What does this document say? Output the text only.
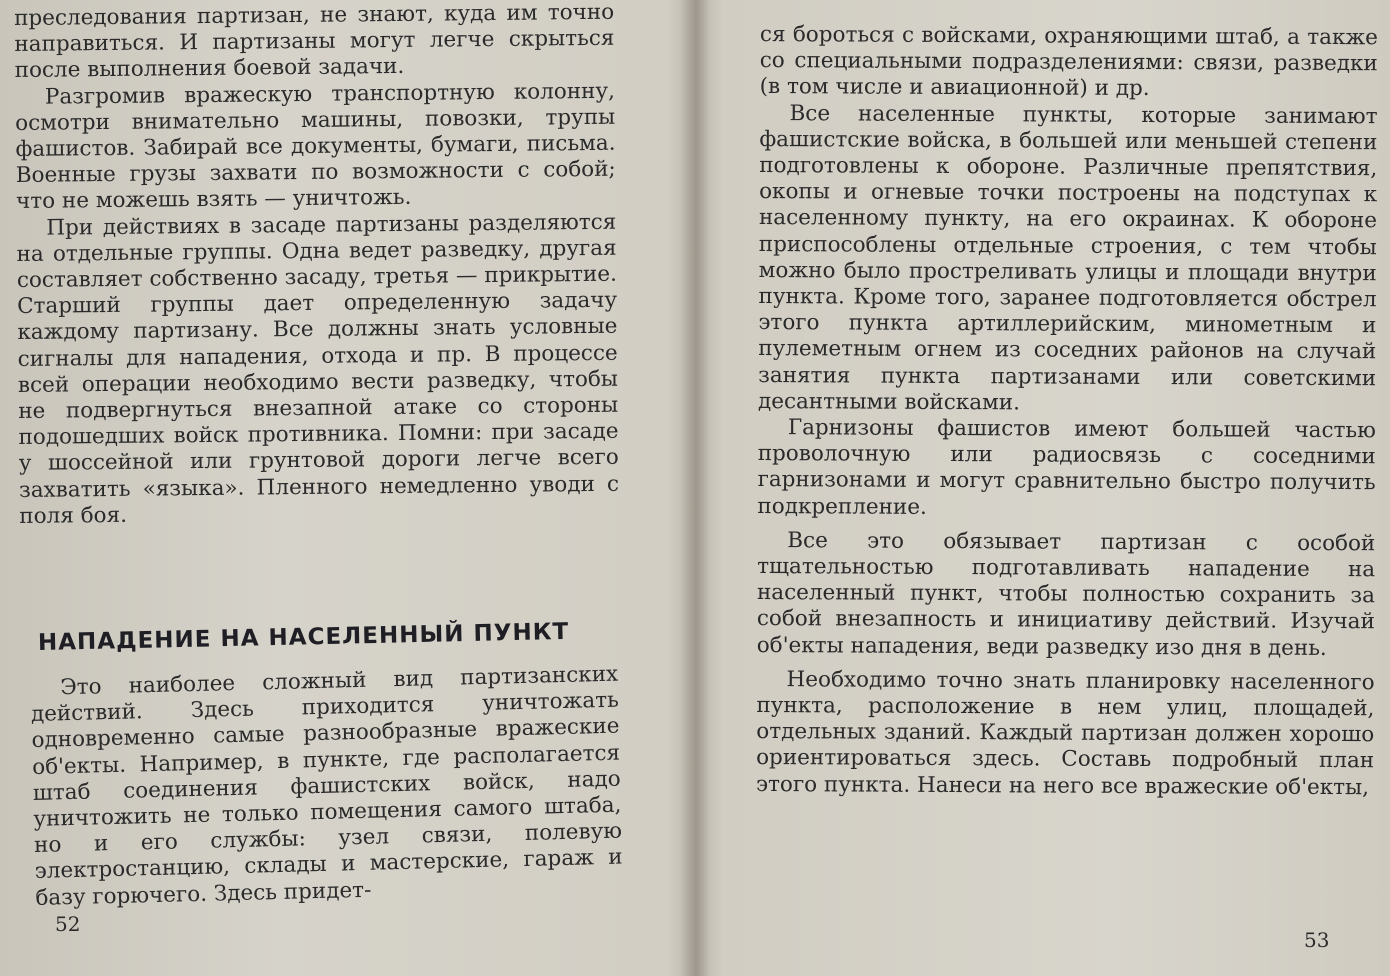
преследования партизан, не знают, куда им точно направиться. И партизаны могут легче скрыться после выполнения боевой задачи.

Разгромив вражескую транспортную колонну, осмотри внимательно машины, повозки, трупы фашистов. Забирай все документы, бумаги, письма. Военные грузы захвати по возможности с собой; что не можешь взять — уничтожь.

При действиях в засаде партизаны разделяются на отдельные группы. Одна ведет разведку, другая составляет собственно засаду, третья — прикрытие. Старший группы дает определенную задачу каждому партизану. Все должны знать условные сигналы для нападения, отхода и пр. В процессе всей операции необходимо вести разведку, чтобы не подвергнуться внезапной атаке со стороны подошедших войск противника. Помни: при засаде у шоссейной или грунтовой дороги легче всего захватить «языка». Пленного немедленно уводи с поля боя.

НАПАДЕНИЕ НА НАСЕЛЕННЫЙ ПУНКТ

Это наиболее сложный вид партизанских действий. Здесь приходится уничтожать одновременно самые разнообразные вражеские об'екты. Например, в пункте, где располагается штаб соединения фашистских войск, надо уничтожить не только помещения самого штаба, но и его службы: узел связи, полевую электростанцию, склады и мастерские, гараж и базу горючего. Здесь придет-

52

ся бороться с войсками, охраняющими штаб, а также со специальными подразделениями: связи, разведки (в том числе и авиационной) и др.

Все населенные пункты, которые занимают фашистские войска, в большей или меньшей степени подготовлены к обороне. Различные препятствия, окопы и огневые точки построены на подступах к населенному пункту, на его окраинах. К обороне приспособлены отдельные строения, с тем чтобы можно было простреливать улицы и площади внутри пункта. Кроме того, заранее подготовляется обстрел этого пункта артиллерийским, минометным и пулеметным огнем из соседних районов на случай занятия пункта партизанами или советскими десантными войсками.

Гарнизоны фашистов имеют большей частью проволочную или радиосвязь с соседними гарнизонами и могут сравнительно быстро получить подкрепление.

Все это обязывает партизан с особой тщательностью подготавливать нападение на населенный пункт, чтобы полностью сохранить за собой внезапность и инициативу действий. Изучай об'екты нападения, веди разведку изо дня в день.

Необходимо точно знать планировку населенного пункта, расположение в нем улиц, площадей, отдельных зданий. Каждый партизан должен хорошо ориентироваться здесь. Составь подробный план этого пункта. Нанеси на него все вражеские об'екты,

53
